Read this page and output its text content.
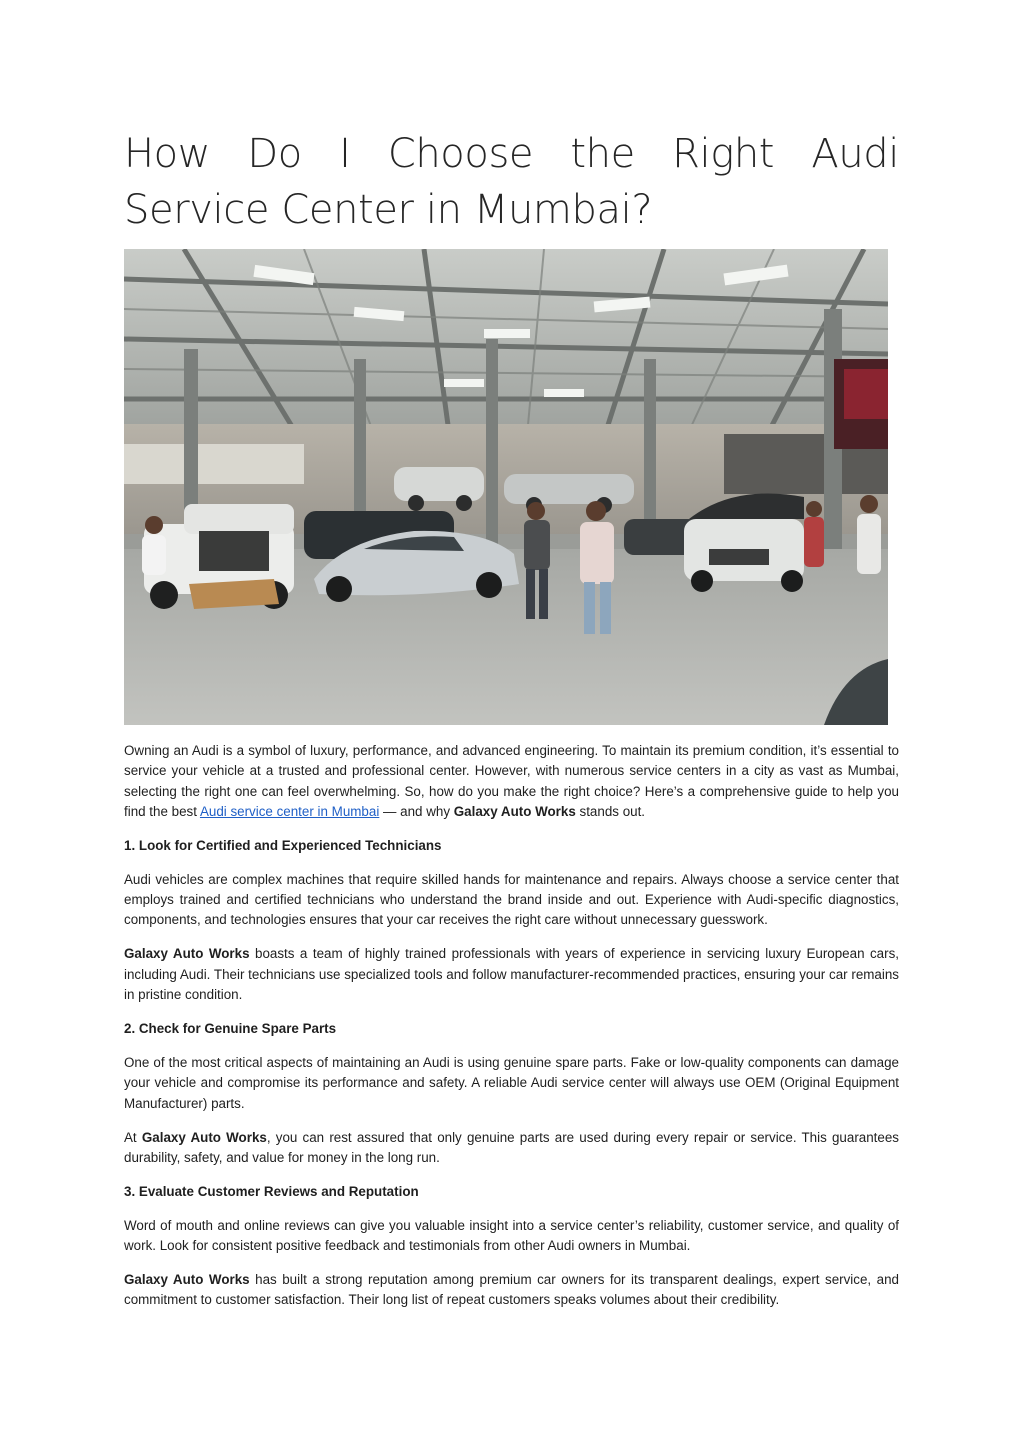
How Do I Choose the Right Audi Service Center in Mumbai?

Owning an Audi is a symbol of luxury, performance, and advanced engineering. To maintain its premium condition, it’s essential to service your vehicle at a trusted and professional center. However, with numerous service centers in a city as vast as Mumbai, selecting the right one can feel overwhelming. So, how do you make the right choice? Here’s a comprehensive guide to help you find the best Audi service center in Mumbai — and why Galaxy Auto Works stands out.

1. Look for Certified and Experienced Technicians

Audi vehicles are complex machines that require skilled hands for maintenance and repairs. Always choose a service center that employs trained and certified technicians who understand the brand inside and out. Experience with Audi-specific diagnostics, components, and technologies ensures that your car receives the right care without unnecessary guesswork.

Galaxy Auto Works boasts a team of highly trained professionals with years of experience in servicing luxury European cars, including Audi. Their technicians use specialized tools and follow manufacturer-recommended practices, ensuring your car remains in pristine condition.

2. Check for Genuine Spare Parts

One of the most critical aspects of maintaining an Audi is using genuine spare parts. Fake or low-quality components can damage your vehicle and compromise its performance and safety. A reliable Audi service center will always use OEM (Original Equipment Manufacturer) parts.

At Galaxy Auto Works, you can rest assured that only genuine parts are used during every repair or service. This guarantees durability, safety, and value for money in the long run.

3. Evaluate Customer Reviews and Reputation

Word of mouth and online reviews can give you valuable insight into a service center’s reliability, customer service, and quality of work. Look for consistent positive feedback and testimonials from other Audi owners in Mumbai.

Galaxy Auto Works has built a strong reputation among premium car owners for its transparent dealings, expert service, and commitment to customer satisfaction. Their long list of repeat customers speaks volumes about their credibility.
